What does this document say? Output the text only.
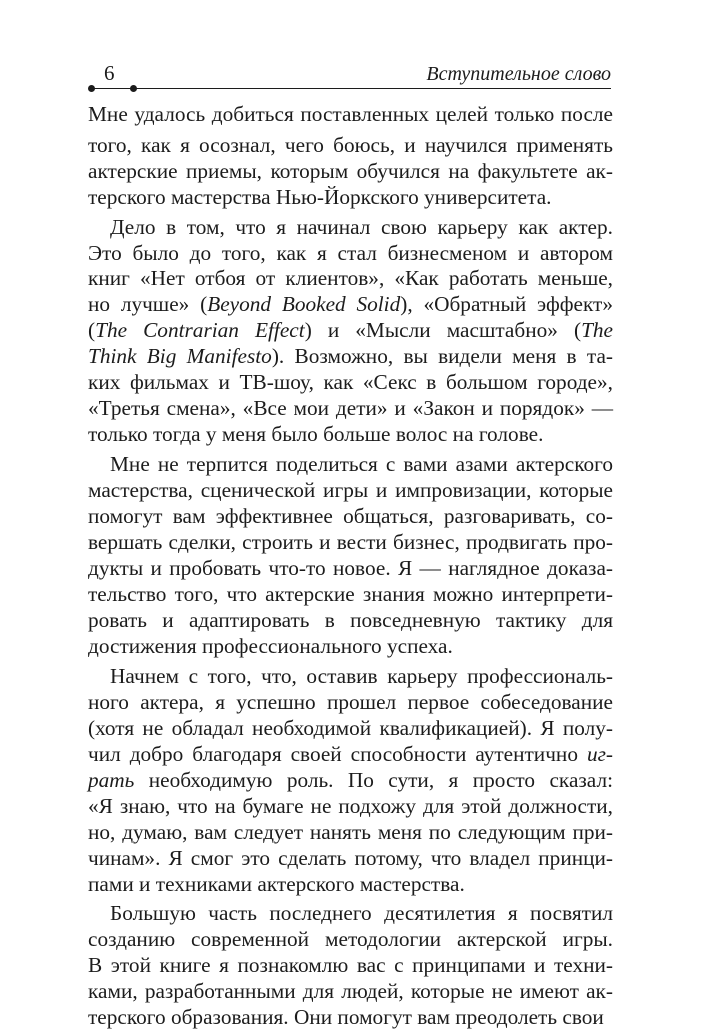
6	Вступительное слово
Мне удалось добиться поставленных целей только после
того, как я осознал, чего боюсь, и научился применять
актерские приемы, которым обучился на факультете ак-
терского мастерства Нью-Йоркского университета.
Дело в том, что я начинал свою карьеру как актер.
Это было до того, как я стал бизнесменом и автором
книг «Нет отбоя от клиентов», «Как работать меньше,
но лучше» (Beyond Booked Solid), «Обратный эффект»
(The Contrarian Effect) и «Мысли масштабно» (The
Think Big Manifesto). Возможно, вы видели меня в та-
ких фильмах и ТВ-шоу, как «Секс в большом городе»,
«Третья смена», «Все мои дети» и «Закон и порядок» —
только тогда у меня было больше волос на голове.
Мне не терпится поделиться с вами азами актерского
мастерства, сценической игры и импровизации, которые
помогут вам эффективнее общаться, разговаривать, со-
вершать сделки, строить и вести бизнес, продвигать про-
дукты и пробовать что-то новое. Я — наглядное доказа-
тельство того, что актерские знания можно интерпрети-
ровать и адаптировать в повседневную тактику для
достижения профессионального успеха.
Начнем с того, что, оставив карьеру профессиональ-
ного актера, я успешно прошел первое собеседование
(хотя не обладал необходимой квалификацией). Я полу-
чил добро благодаря своей способности аутентично иг-
рать необходимую роль. По сути, я просто сказал:
«Я знаю, что на бумаге не подхожу для этой должности,
но, думаю, вам следует нанять меня по следующим при-
чинам». Я смог это сделать потому, что владел принци-
пами и техниками актерского мастерства.
Большую часть последнего десятилетия я посвятил
созданию современной методологии актерской игры.
В этой книге я познакомлю вас с принципами и техни-
ками, разработанными для людей, которые не имеют ак-
терского образования. Они помогут вам преодолеть свои
